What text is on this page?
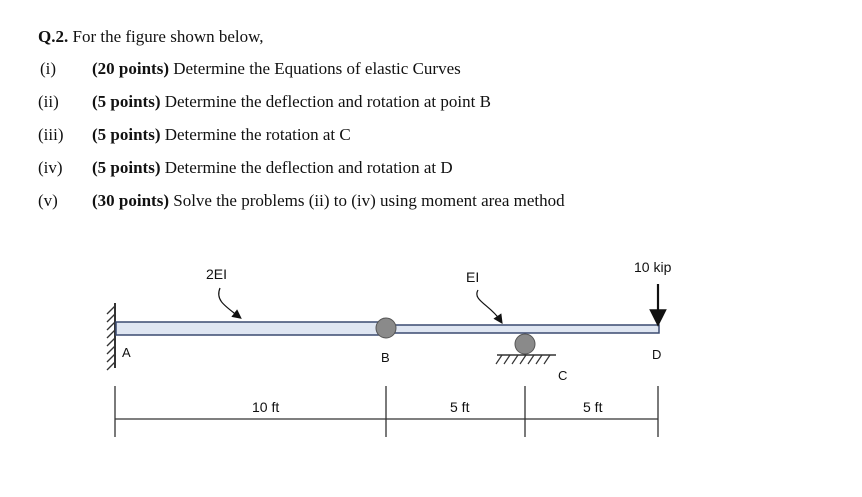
Q.2. For the figure shown below,
(i) (20 points) Determine the Equations of elastic Curves
(ii) (5 points) Determine the deflection and rotation at point B
(iii) (5 points) Determine the rotation at C
(iv) (5 points) Determine the deflection and rotation at D
(v) (30 points) Solve the problems (ii) to (iv) using moment area method
10 kip
2EI	EI
A	B
C
D
10 ft	5 ft	5 ft
